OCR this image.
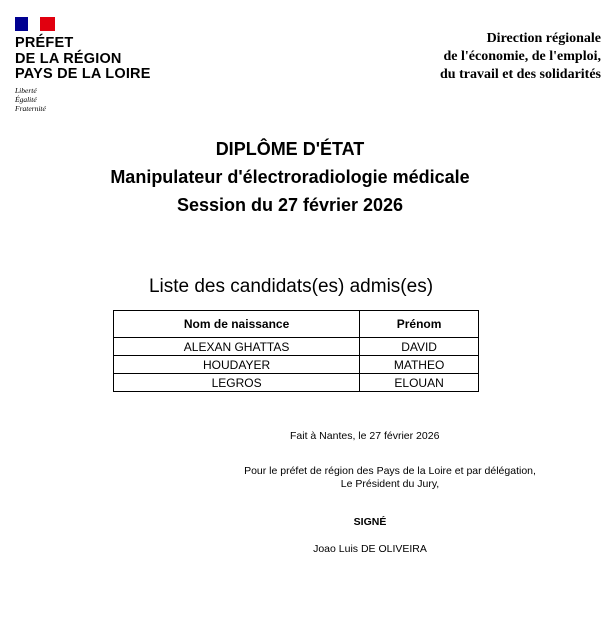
PRÉFET
DE LA RÉGION
PAYS DE LA LOIRE
Liberté
Égalité
Fraternité
Direction régionale
de l'économie, de l'emploi,
du travail et des solidarités
DIPLÔME D'ÉTAT
Manipulateur d'électroradiologie médicale
Session du 27 février 2026
Liste des candidats(es) admis(es)
Nom de naissance	Prénom
ALEXAN GHATTAS	DAVID
HOUDAYER	MATHEO
LEGROS	ELOUAN
Fait à Nantes, le 27 février 2026
Pour le préfet de région des Pays de la Loire et par délégation,
Le Président du Jury,
SIGNÉ
Joao Luis DE OLIVEIRA
